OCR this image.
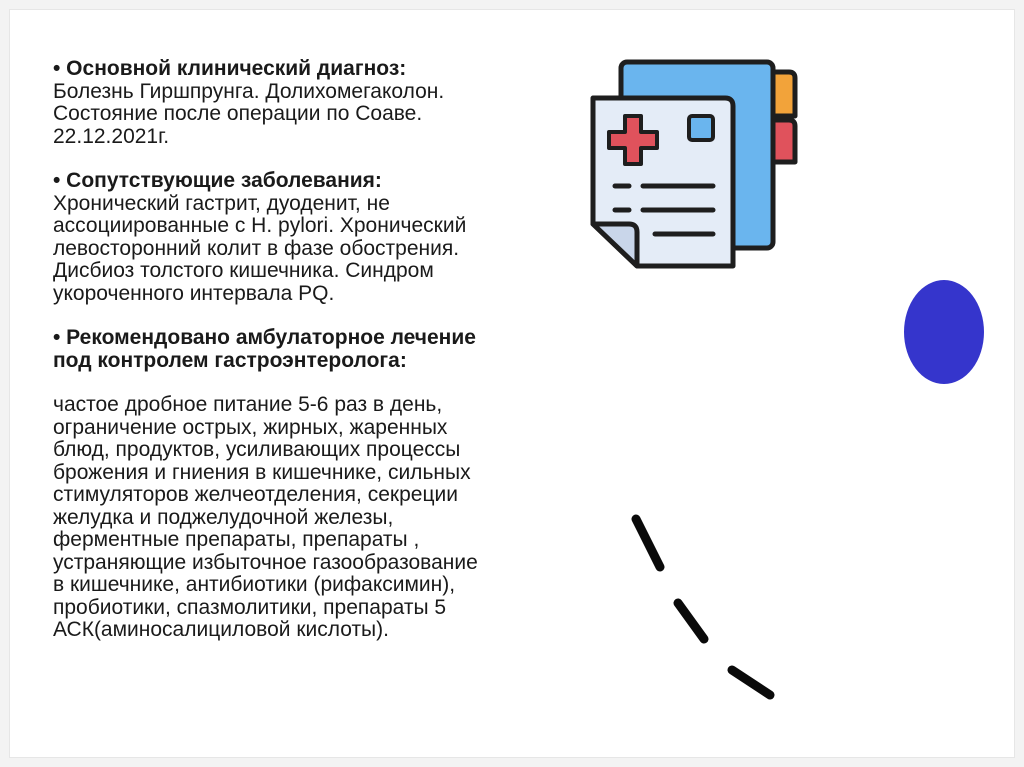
• Основной клинический диагноз:
Болезнь Гиршпрунга. Долихомегаколон.
Состояние после операции по Соаве.
22.12.2021г.

• Сопутствующие заболевания:
Хронический гастрит, дуоденит, не
ассоциированные с H. pylori. Хронический
левосторонний колит в фазе обострения.
Дисбиоз толстого кишечника. Синдром
укороченного интервала PQ.

• Рекомендовано амбулаторное лечение
под контролем гастроэнтеролога:

частое дробное питание 5-6 раз в день,
ограничение острых, жирных, жаренных
блюд, продуктов, усиливающих процессы
брожения и гниения в кишечнике, сильных
стимуляторов желчеотделения, секреции
желудка и поджелудочной железы,
ферментные препараты, препараты ,
устраняющие избыточное газообразование
в кишечнике, антибиотики (рифаксимин),
пробиотики, спазмолитики, препараты 5
АСК(аминосалициловой кислоты).
